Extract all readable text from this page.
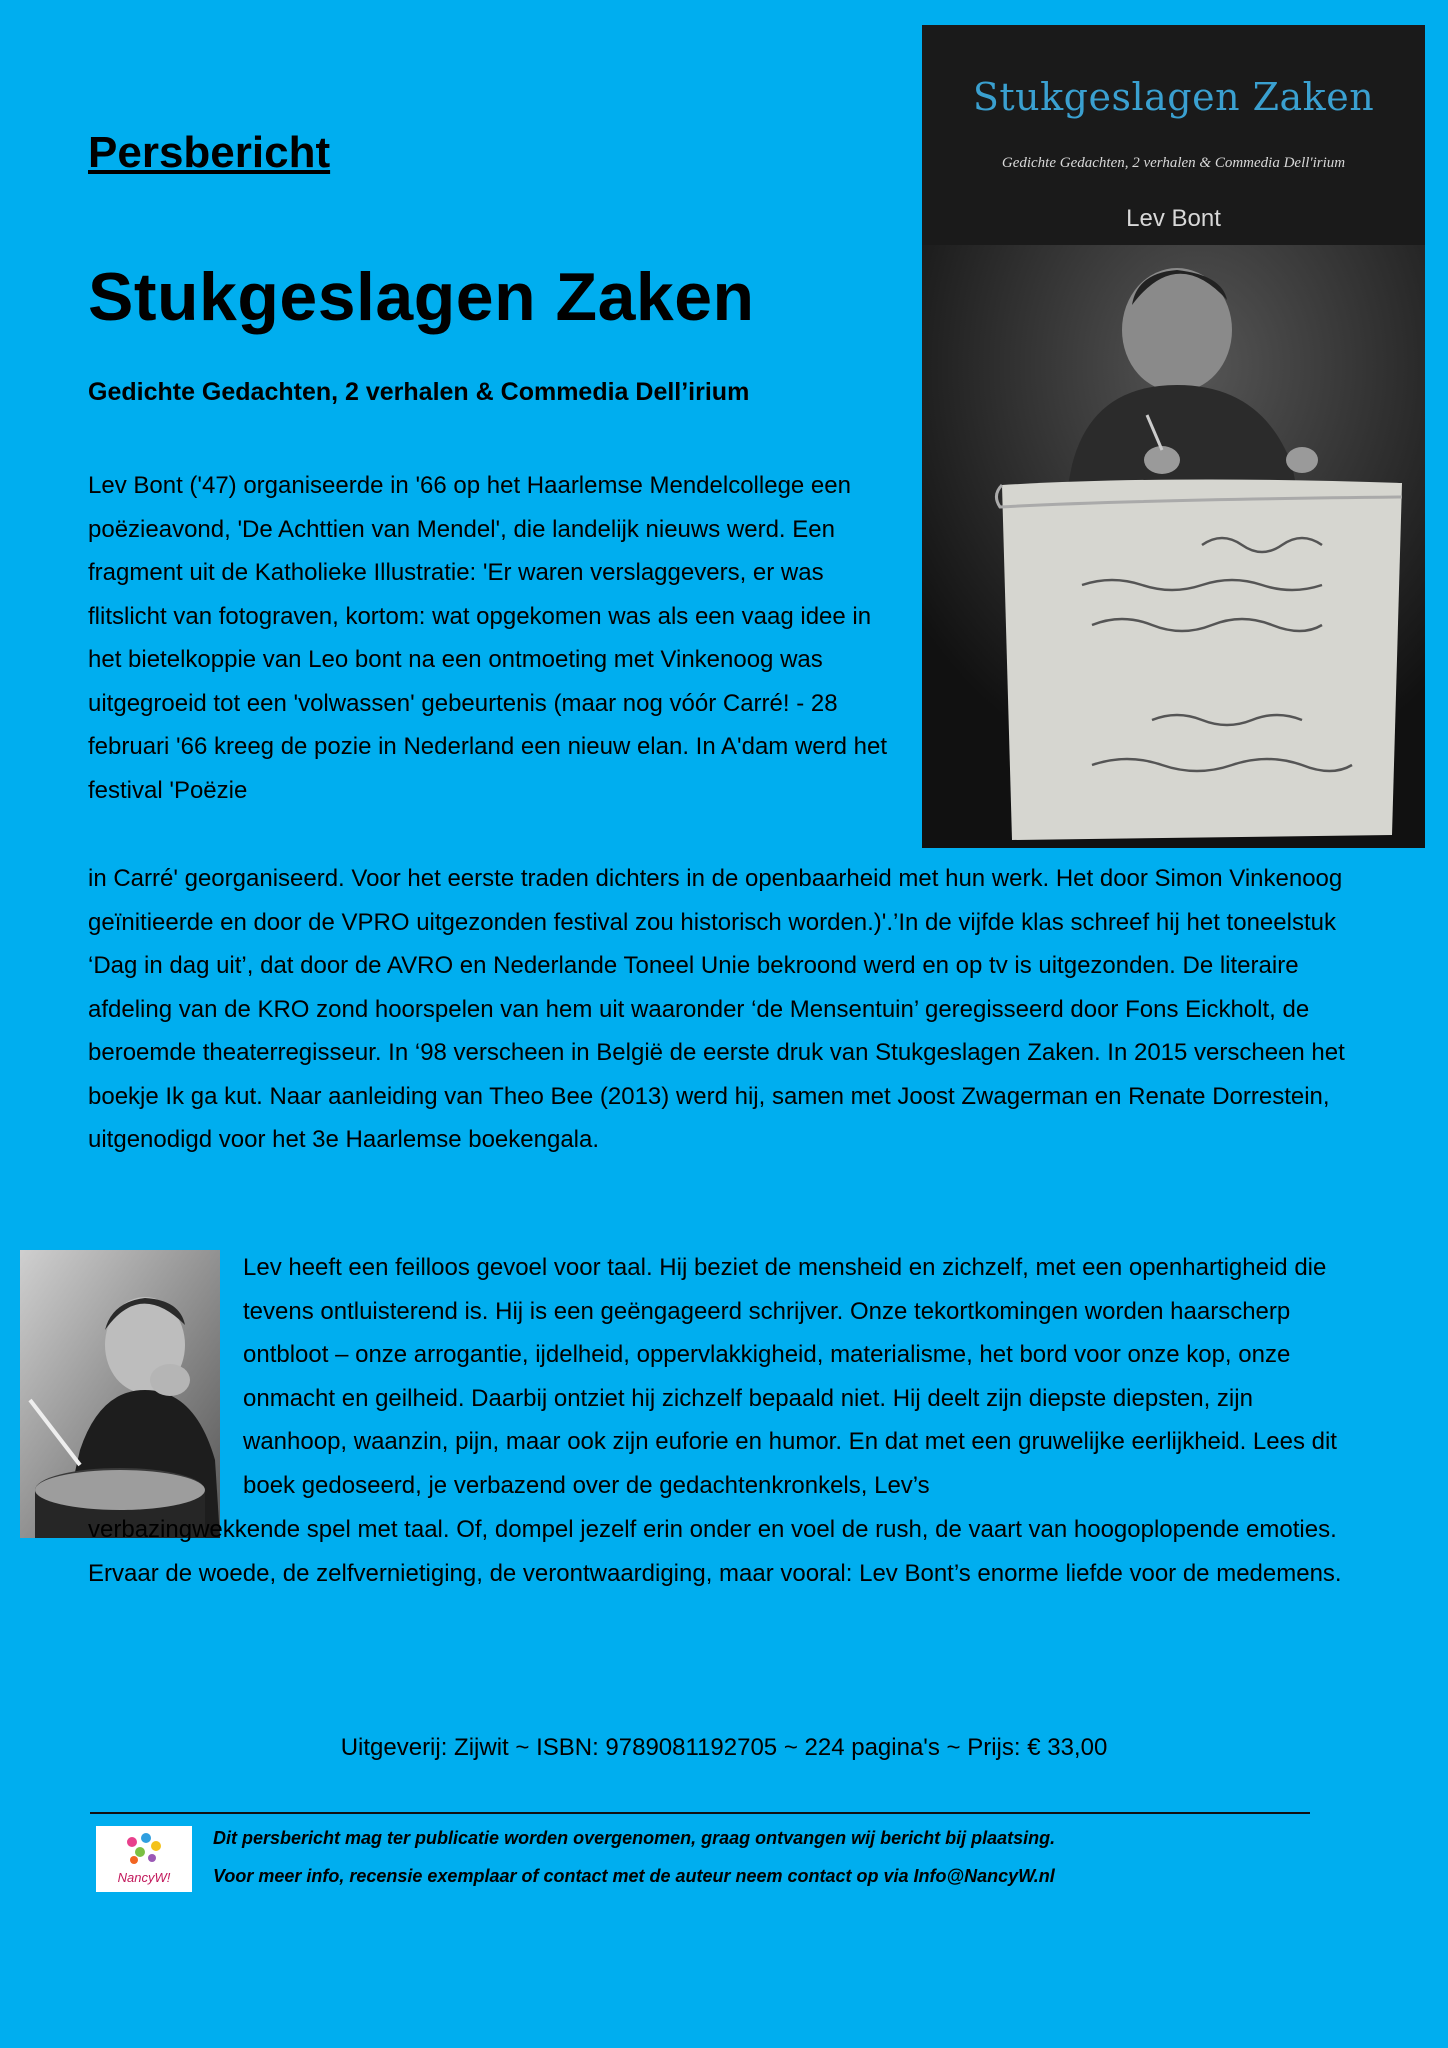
Stukgeslagen Zaken
Gedichte Gedachten, 2 verhalen & Commedia Dell'irium
Lev Bont
Persbericht
Stukgeslagen Zaken
Gedichte Gedachten, 2 verhalen & Commedia Dell’irium

Lev Bont ('47) organiseerde in '66 op het Haarlemse Mendelcollege een poëzieavond, 'De Achttien van Mendel', die landelijk nieuws werd. Een fragment uit de Katholieke Illustratie: 'Er waren verslaggevers, er was flitslicht van fotograven, kortom: wat opgekomen was als een vaag idee in het bietelkoppie van Leo bont na een ontmoeting met Vinkenoog was uitgegroeid tot een 'volwassen' gebeurtenis (maar nog vóór Carré! - 28 februari '66 kreeg de pozie in Nederland een nieuw elan. In A'dam werd het festival 'Poëzie

in Carré' georganiseerd. Voor het eerste traden dichters in de openbaarheid met hun werk. Het door Simon Vinkenoog geïnitieerde en door de VPRO uitgezonden festival zou historisch worden.)'.’In de vijfde klas schreef hij het toneelstuk ‘Dag in dag uit’, dat door de AVRO en Nederlande Toneel Unie bekroond werd en op tv is uitgezonden. De literaire afdeling van de KRO zond hoorspelen van hem uit waaronder ‘de Mensentuin’ geregisseerd door Fons Eickholt, de beroemde theaterregisseur. In ‘98 verscheen in België de eerste druk van Stukgeslagen Zaken. In 2015 verscheen het boekje Ik ga kut. Naar aanleiding van Theo Bee (2013) werd hij, samen met Joost Zwagerman en Renate Dorrestein, uitgenodigd voor het 3e Haarlemse boekengala.

Lev heeft een feilloos gevoel voor taal. Hij beziet de mensheid en zichzelf, met een openhartigheid die tevens ontluisterend is. Hij is een geëngageerd schrijver. Onze tekortkomingen worden haarscherp ontbloot – onze arrogantie, ijdelheid, oppervlakkigheid, materialisme, het bord voor onze kop, onze onmacht en geilheid. Daarbij ontziet hij zichzelf bepaald niet. Hij deelt zijn diepste diepsten, zijn wanhoop, waanzin, pijn, maar ook zijn euforie en humor. En dat met een gruwelijke eerlijkheid. Lees dit boek gedoseerd, je verbazend over de gedachtenkronkels, Lev’s

verbazingwekkende spel met taal. Of, dompel jezelf erin onder en voel de rush, de vaart van hoogoplopende emoties. Ervaar de woede, de zelfvernietiging, de verontwaardiging, maar vooral: Lev Bont’s enorme liefde voor de medemens.

Uitgeverij: Zijwit ~ ISBN: 9789081192705 ~ 224 pagina's ~ Prijs: € 33,00
NancyW!
Dit persbericht mag ter publicatie worden overgenomen, graag ontvangen wij bericht bij plaatsing.
Voor meer info, recensie exemplaar of contact met de auteur neem contact op via Info@NancyW.nl
